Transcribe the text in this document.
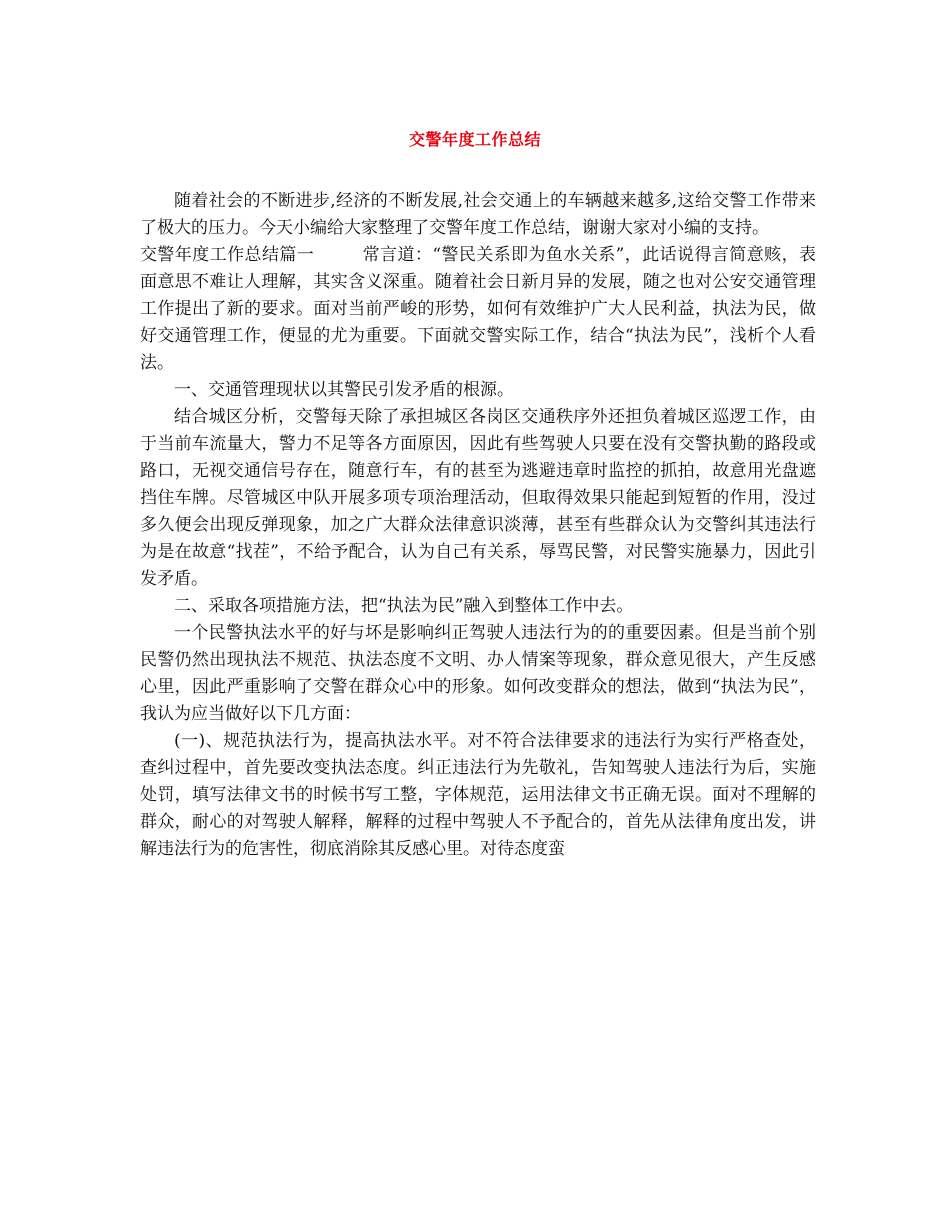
交警年度工作总结

随着社会的不断进步,经济的不断发展,社会交通上的车辆越来越多,这给交警工作带来了极大的压力。今天小编给大家整理了交警年度工作总结，谢谢大家对小编的支持。

交警年度工作总结篇一	常言道：“警民关系即为鱼水关系”，此话说得言简意赅，表面意思不难让人理解，其实含义深重。随着社会日新月异的发展，随之也对公安交通管理工作提出了新的要求。面对当前严峻的形势，如何有效维护广大人民利益，执法为民，做好交通管理工作，便显的尤为重要。下面就交警实际工作，结合“执法为民”，浅析个人看法。

一、交通管理现状以其警民引发矛盾的根源。

结合城区分析，交警每天除了承担城区各岗区交通秩序外还担负着城区巡逻工作，由于当前车流量大，警力不足等各方面原因，因此有些驾驶人只要在没有交警执勤的路段或路口，无视交通信号存在，随意行车，有的甚至为逃避违章时监控的抓拍，故意用光盘遮挡住车牌。尽管城区中队开展多项专项治理活动，但取得效果只能起到短暂的作用，没过多久便会出现反弹现象，加之广大群众法律意识淡薄，甚至有些群众认为交警纠其违法行为是在故意“找茬”，不给予配合，认为自己有关系，辱骂民警，对民警实施暴力，因此引发矛盾。

二、采取各项措施方法，把“执法为民”融入到整体工作中去。

一个民警执法水平的好与坏是影响纠正驾驶人违法行为的的重要因素。但是当前个别民警仍然出现执法不规范、执法态度不文明、办人情案等现象，群众意见很大，产生反感心里，因此严重影响了交警在群众心中的形象。如何改变群众的想法，做到“执法为民”，我认为应当做好以下几方面：

(一)、规范执法行为，提高执法水平。对不符合法律要求的违法行为实行严格查处，查纠过程中，首先要改变执法态度。纠正违法行为先敬礼，告知驾驶人违法行为后，实施处罚，填写法律文书的时候书写工整，字体规范，运用法律文书正确无误。面对不理解的群众，耐心的对驾驶人解释，解释的过程中驾驶人不予配合的，首先从法律角度出发，讲解违法行为的危害性，彻底消除其反感心里。对待态度蛮
